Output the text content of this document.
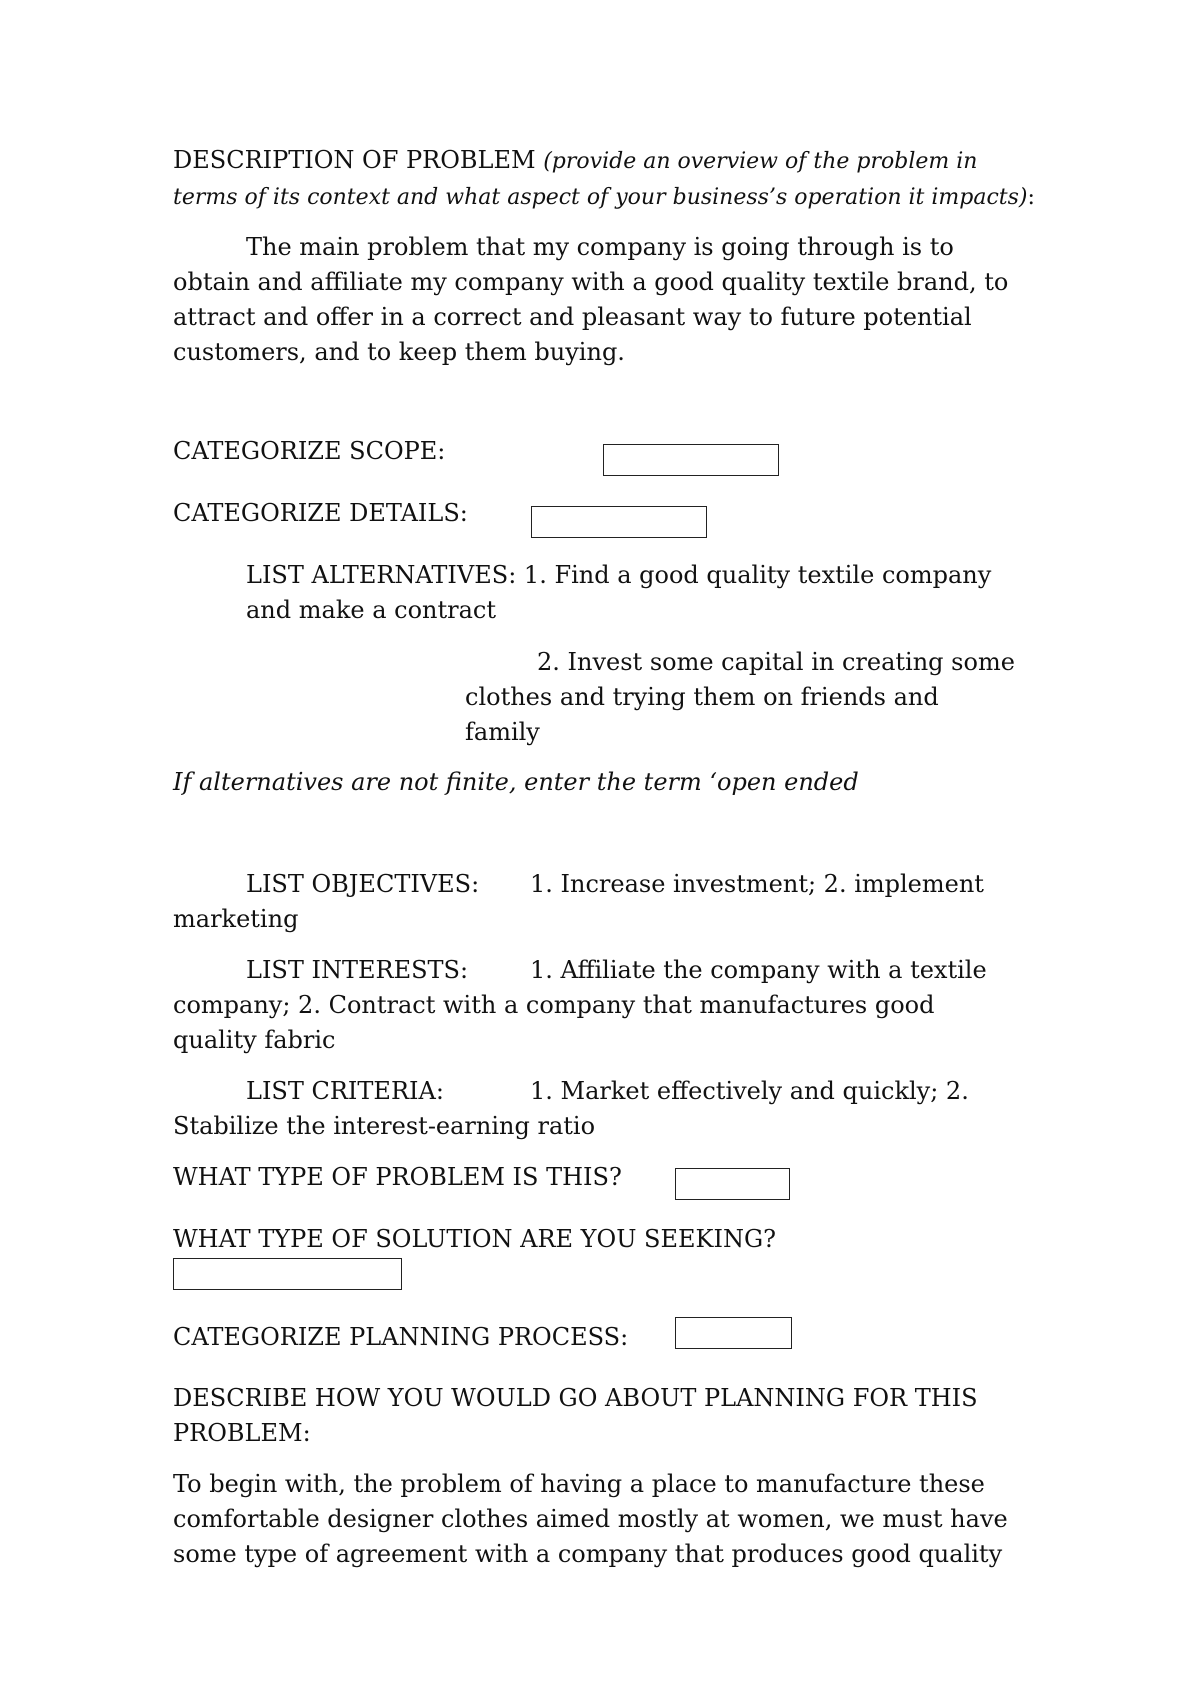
DESCRIPTION OF PROBLEM (provide an overview of the problem in

terms of its context and what aspect of your business’s operation it impacts):

The main problem that my company is going through is to

obtain and affiliate my company with a good quality textile brand, to

attract and offer in a correct and pleasant way to future potential

customers, and to keep them buying.

CATEGORIZE SCOPE:

CATEGORIZE DETAILS:

LIST ALTERNATIVES: 1. Find a good quality textile company

and make a contract

2. Invest some capital in creating some

clothes and trying them on friends and

family

If alternatives are not finite, enter the term ‘open ended

LIST OBJECTIVES:	1. Increase investment; 2. implement

marketing

LIST INTERESTS:	1. Affiliate the company with a textile

company; 2. Contract with a company that manufactures good

quality fabric

LIST CRITERIA:	1. Market effectively and quickly; 2.

Stabilize the interest-earning ratio

WHAT TYPE OF PROBLEM IS THIS?

WHAT TYPE OF SOLUTION ARE YOU SEEKING?

CATEGORIZE PLANNING PROCESS:

DESCRIBE HOW YOU WOULD GO ABOUT PLANNING FOR THIS

PROBLEM:

To begin with, the problem of having a place to manufacture these

comfortable designer clothes aimed mostly at women, we must have

some type of agreement with a company that produces good quality
